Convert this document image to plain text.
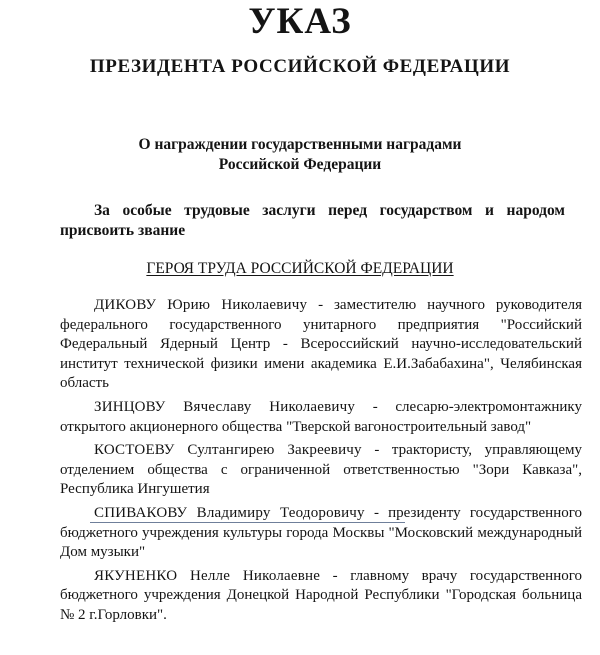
УКАЗ
ПРЕЗИДЕНТА РОССИЙСКОЙ ФЕДЕРАЦИИ
О награждении государственными наградами
Российской Федерации
За особые трудовые заслуги перед государством и народом
присвоить звание
ГЕРОЯ ТРУДА РОССИЙСКОЙ ФЕДЕРАЦИИ

ДИКОВУ Юрию Николаевичу - заместителю научного руководителя федерального государственного унитарного предприятия "Российский Федеральный Ядерный Центр - Всероссийский научно-исследовательский институт технической физики имени академика Е.И.Забабахина", Челябинская область

ЗИНЦОВУ Вячеславу Николаевичу - слесарю-электромонтажнику открытого акционерного общества "Тверской вагоностроительный завод"

КОСТОЕВУ Султангирею Закреевичу - трактористу, управляющему отделением общества с ограниченной ответственностью "Зори Кавказа", Республика Ингушетия

СПИВАКОВУ Владимиру Теодоровичу - президенту государственного бюджетного учреждения культуры города Москвы "Московский международный Дом музыки"

ЯКУНЕНКО Нелле Николаевне - главному врачу государственного бюджетного учреждения Донецкой Народной Республики "Городская больница № 2 г.Горловки".
